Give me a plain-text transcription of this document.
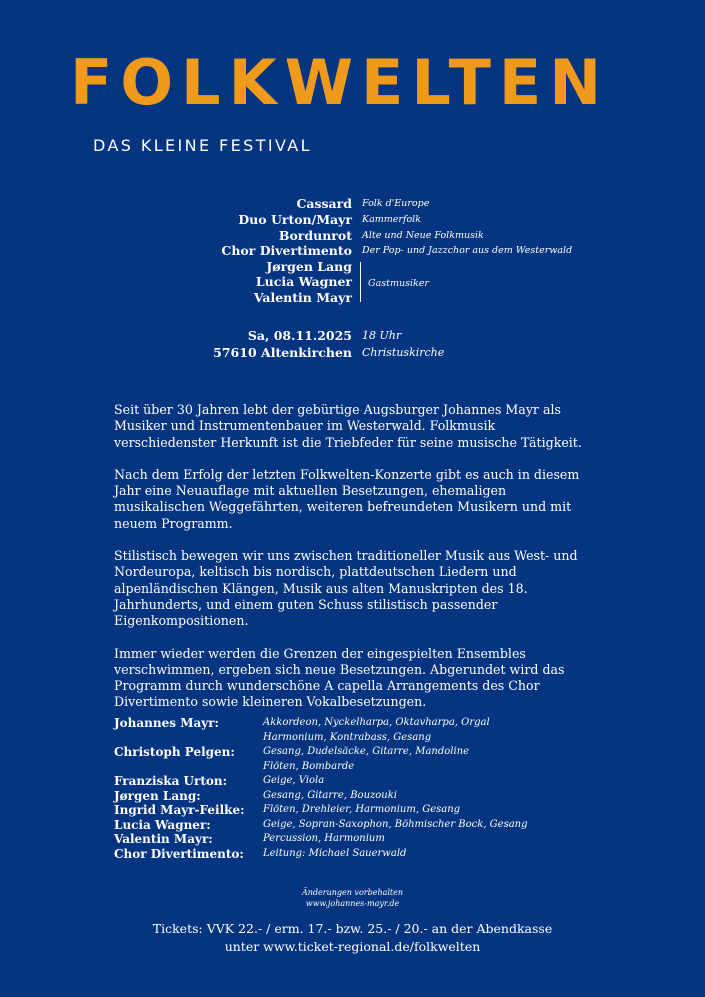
FOLKWELTEN
DAS KLEINE FESTIVAL
Cassard Folk d'Europe
Duo Urton/Mayr Kammerfolk
Bordunrot Alte und Neue Folkmusik
Chor Divertimento Der Pop- und Jazzchor aus dem Westerwald
Jørgen Lang
Lucia Wagner
Valentin Mayr
Gastmusiker
Sa, 08.11.2025 18 Uhr
57610 Altenkirchen Christuskirche

Seit über 30 Jahren lebt der gebürtige Augsburger Johannes Mayr als Musiker und Instrumentenbauer im Westerwald. Folkmusik verschiedenster Herkunft ist die Triebfeder für seine musische Tätigkeit.

Nach dem Erfolg der letzten Folkwelten-Konzerte gibt es auch in diesem Jahr eine Neuauflage mit aktuellen Besetzungen, ehemaligen musikalischen Weggefährten, weiteren befreundeten Musikern und mit neuem Programm.

Stilistisch bewegen wir uns zwischen traditioneller Musik aus West- und Nordeuropa, keltisch bis nordisch, plattdeutschen Liedern und alpenländischen Klängen, Musik aus alten Manuskripten des 18. Jahrhunderts, und einem guten Schuss stilistisch passender Eigenkompositionen.

Immer wieder werden die Grenzen der eingespielten Ensembles verschwimmen, ergeben sich neue Besetzungen. Abgerundet wird das Programm durch wunderschöne A capella Arrangements des Chor Divertimento sowie kleineren Vokalbesetzungen.

Johannes Mayr:	Akkordeon, Nyckelharpa, Oktavharpa, Orgal
Harmonium, Kontrabass, Gesang
Christoph Pelgen:	Gesang, Dudelsäcke, Gitarre, Mandoline
Flöten, Bombarde
Franziska Urton:	Geige, Viola
Jørgen Lang:	Gesang, Gitarre, Bouzouki
Ingrid Mayr-Feilke: Flöten, Drehleier, Harmonium, Gesang
Lucia Wagner:	Geige, Sopran-Saxophon, Böhmischer Bock, Gesang
Valentin Mayr:	Percussion, Harmonium
Chor Divertimento: Leitung: Michael Sauerwald
Änderungen vorbehalten
www.johannes-mayr.de
Tickets: VVK 22.- / erm. 17.- bzw. 25.- / 20.- an der Abendkasse
unter www.ticket-regional.de/folkwelten
